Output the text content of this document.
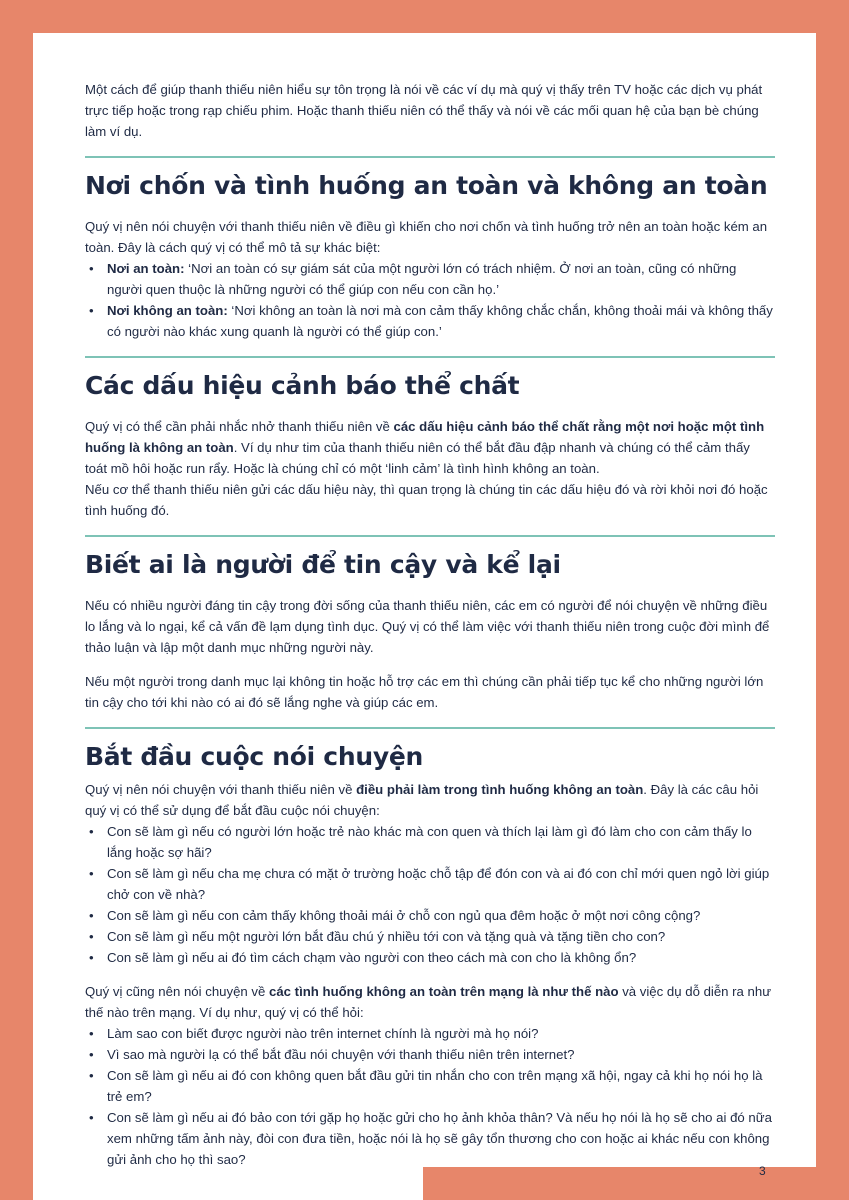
Một cách để giúp thanh thiếu niên hiểu sự tôn trọng là nói về các ví dụ mà quý vị thấy trên TV hoặc các dịch vụ phát trực tiếp hoặc trong rạp chiếu phim. Hoặc thanh thiếu niên có thể thấy và nói về các mối quan hệ của bạn bè chúng làm ví dụ.

Nơi chốn và tình huống an toàn và không an toàn

Quý vị nên nói chuyện với thanh thiếu niên về điều gì khiến cho nơi chốn và tình huống trở nên an toàn hoặc kém an toàn. Đây là cách quý vị có thể mô tả sự khác biệt:

• Nơi an toàn: ‘Nơi an toàn có sự giám sát của một người lớn có trách nhiệm. Ở nơi an toàn, cũng có những người quen thuộc là những người có thể giúp con nếu con cần họ.’
• Nơi không an toàn: ‘Nơi không an toàn là nơi mà con cảm thấy không chắc chắn, không thoải mái và không thấy có người nào khác xung quanh là người có thể giúp con.’
Các dấu hiệu cảnh báo thể chất

Quý vị có thể cần phải nhắc nhở thanh thiếu niên về các dấu hiệu cảnh báo thể chất rằng một nơi hoặc một tình huống là không an toàn. Ví dụ như tim của thanh thiếu niên có thể bắt đầu đập nhanh và chúng có thể cảm thấy toát mồ hôi hoặc run rẩy. Hoặc là chúng chỉ có một ‘linh cảm’ là tình hình không an toàn.

Nếu cơ thể thanh thiếu niên gửi các dấu hiệu này, thì quan trọng là chúng tin các dấu hiệu đó và rời khỏi nơi đó hoặc tình huống đó.

Biết ai là người để tin cậy và kể lại

Nếu có nhiều người đáng tin cậy trong đời sống của thanh thiếu niên, các em có người để nói chuyện về những điều lo lắng và lo ngại, kể cả vấn đề lạm dụng tình dục. Quý vị có thể làm việc với thanh thiếu niên trong cuộc đời mình để thảo luận và lập một danh mục những người này.

Nếu một người trong danh mục lại không tin hoặc hỗ trợ các em thì chúng cần phải tiếp tục kể cho những người lớn tin cậy cho tới khi nào có ai đó sẽ lắng nghe và giúp các em.

Bắt đầu cuộc nói chuyện

Quý vị nên nói chuyện với thanh thiếu niên về điều phải làm trong tình huống không an toàn. Đây là các câu hỏi quý vị có thể sử dụng để bắt đầu cuộc nói chuyện:

• Con sẽ làm gì nếu có người lớn hoặc trẻ nào khác mà con quen và thích lại làm gì đó làm cho con cảm thấy lo lắng hoặc sợ hãi?
• Con sẽ làm gì nếu cha mẹ chưa có mặt ở trường hoặc chỗ tập để đón con và ai đó con chỉ mới quen ngỏ lời giúp chở con về nhà?
• Con sẽ làm gì nếu con cảm thấy không thoải mái ở chỗ con ngủ qua đêm hoặc ở một nơi công cộng?
• Con sẽ làm gì nếu một người lớn bắt đầu chú ý nhiều tới con và tặng quà và tặng tiền cho con?
• Con sẽ làm gì nếu ai đó tìm cách chạm vào người con theo cách mà con cho là không ổn?

Quý vị cũng nên nói chuyện về các tình huống không an toàn trên mạng là như thế nào và việc dụ dỗ diễn ra như thế nào trên mạng. Ví dụ như, quý vị có thể hỏi:

• Làm sao con biết được người nào trên internet chính là người mà họ nói?
• Vì sao mà người lạ có thể bắt đầu nói chuyện với thanh thiếu niên trên internet?
• Con sẽ làm gì nếu ai đó con không quen bắt đầu gửi tin nhắn cho con trên mạng xã hội, ngay cả khi họ nói họ là trẻ em?
• Con sẽ làm gì nếu ai đó bảo con tới gặp họ hoặc gửi cho họ ảnh khỏa thân? Và nếu họ nói là họ sẽ cho ai đó nữa xem những tấm ảnh này, đòi con đưa tiền, hoặc nói là họ sẽ gây tổn thương cho con hoặc ai khác nếu con không gửi ảnh cho họ thì sao?
3
